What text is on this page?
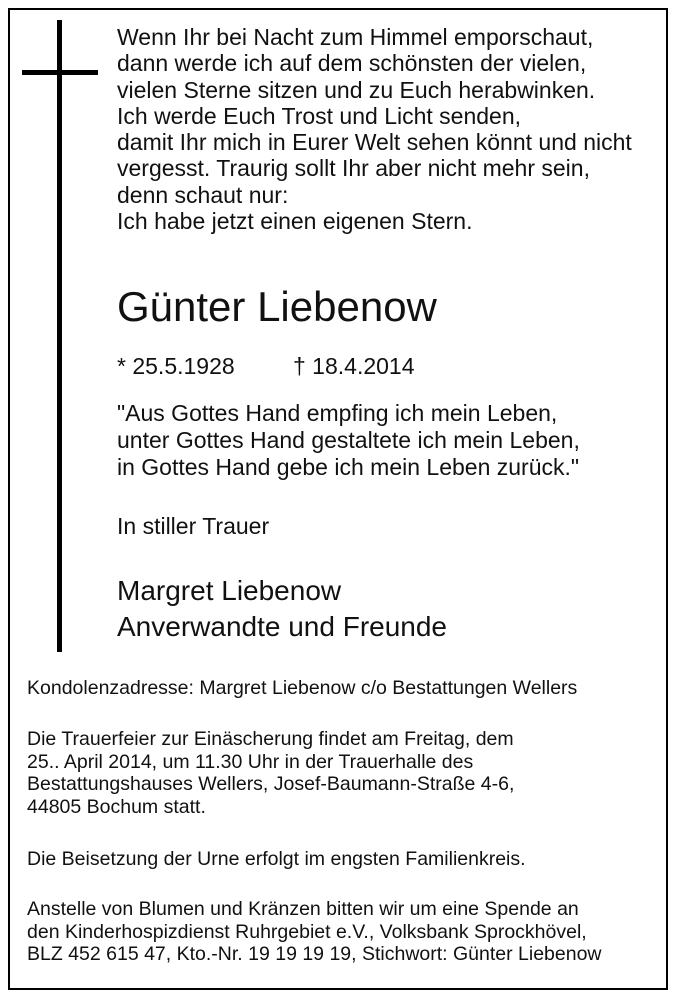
Wenn Ihr bei Nacht zum Himmel emporschaut,
dann werde ich auf dem schönsten der vielen,
vielen Sterne sitzen und zu Euch herabwinken.
Ich werde Euch Trost und Licht senden,
damit Ihr mich in Eurer Welt sehen könnt und nicht
vergesst. Traurig sollt Ihr aber nicht mehr sein,
denn schaut nur:
Ich habe jetzt einen eigenen Stern.
Günter Liebenow
* 25.5.1928	† 18.4.2014
"Aus Gottes Hand empfing ich mein Leben,
unter Gottes Hand gestaltete ich mein Leben,
in Gottes Hand gebe ich mein Leben zurück."
In stiller Trauer
Margret Liebenow
Anverwandte und Freunde
Kondolenzadresse: Margret Liebenow c/o Bestattungen Wellers
Die Trauerfeier zur Einäscherung findet am Freitag, dem
25.. April 2014, um 11.30 Uhr in der Trauerhalle des
Bestattungshauses Wellers, Josef-Baumann-Straße 4-6,
44805 Bochum statt.
Die Beisetzung der Urne erfolgt im engsten Familienkreis.
Anstelle von Blumen und Kränzen bitten wir um eine Spende an
den Kinderhospizdienst Ruhrgebiet e.V., Volksbank Sprockhövel,
BLZ 452 615 47, Kto.-Nr. 19 19 19 19, Stichwort: Günter Liebenow
